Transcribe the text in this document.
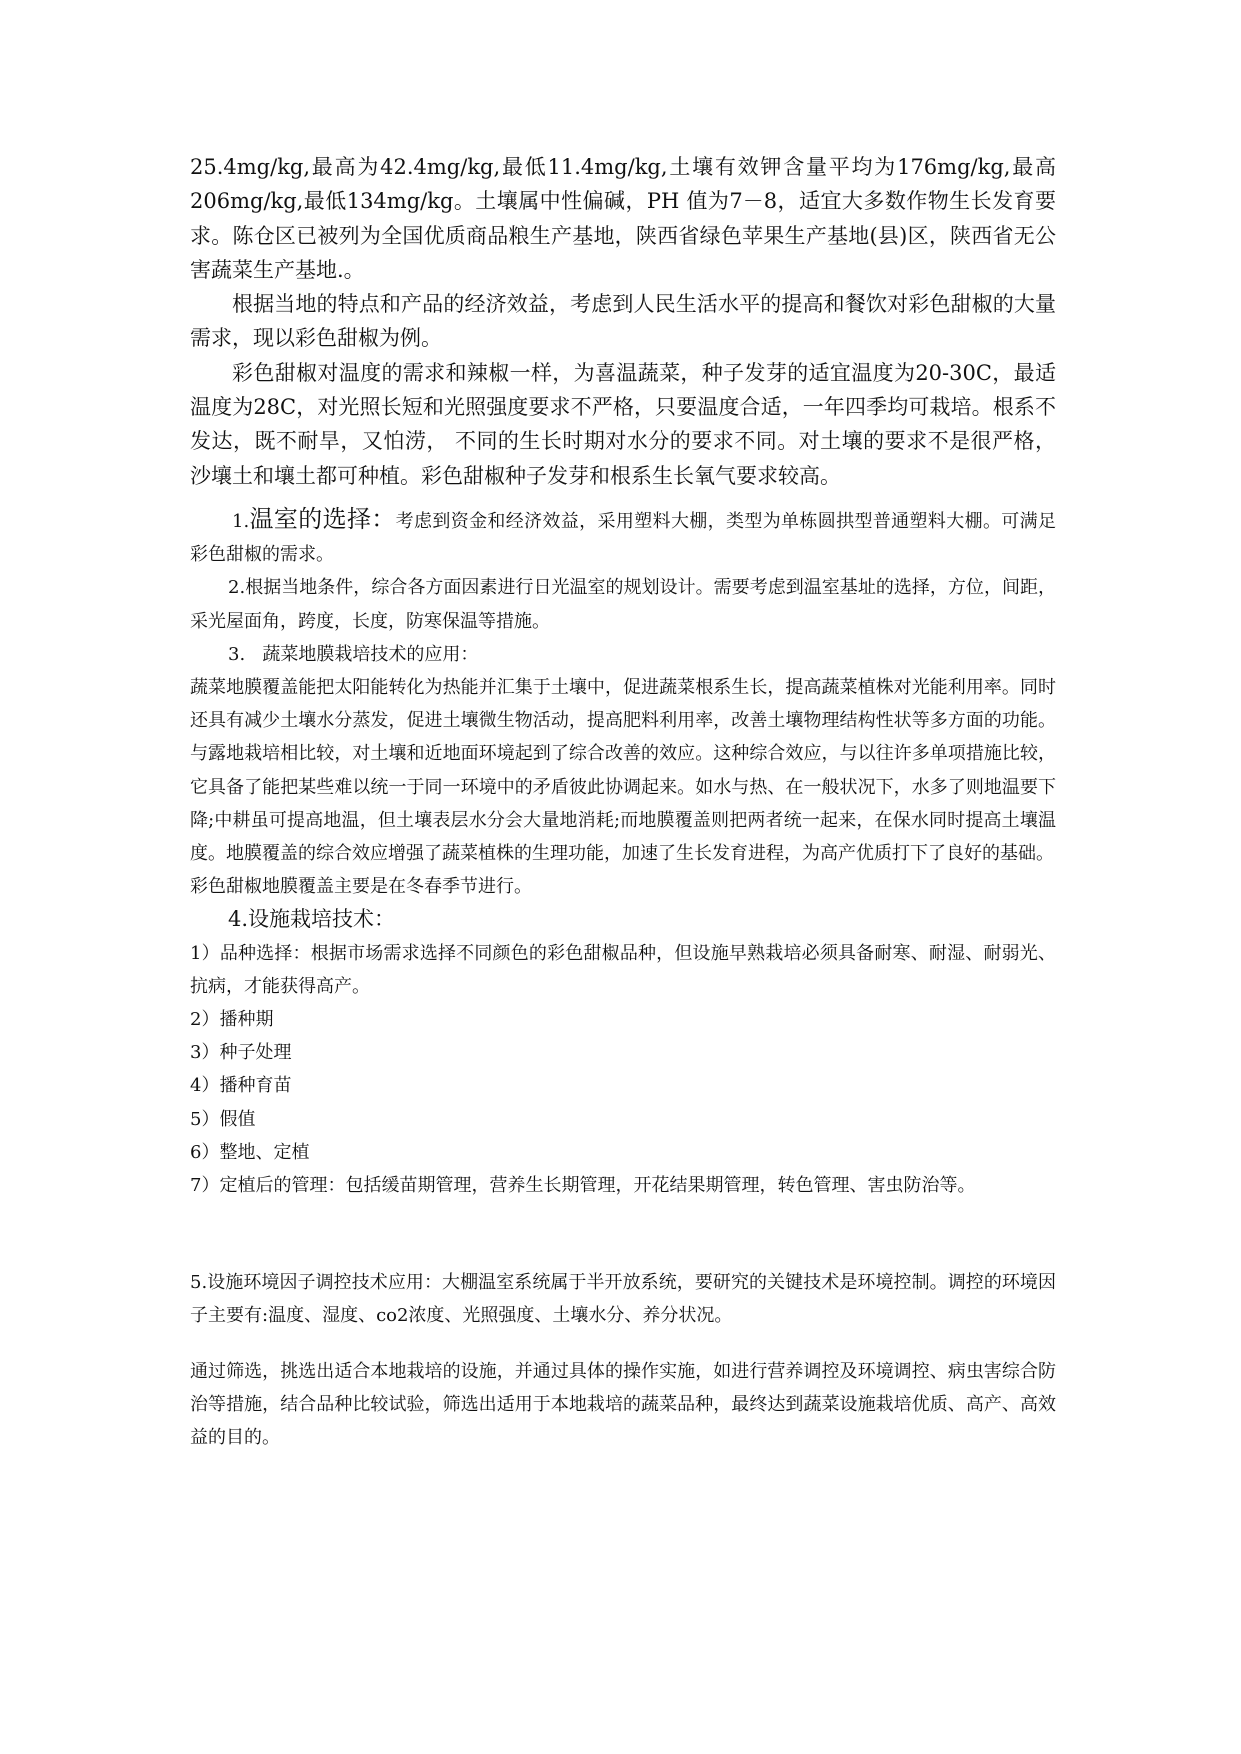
25.4mg/kg,最高为42.4mg/kg,最低11.4mg/kg,土壤有效钾含量平均为176mg/kg,最高206mg/kg,最低134mg/kg。土壤属中性偏碱，PH 值为7－8，适宜大多数作物生长发育要求。陈仓区已被列为全国优质商品粮生产基地，陕西省绿色苹果生产基地(县)区，陕西省无公害蔬菜生产基地.。

根据当地的特点和产品的经济效益，考虑到人民生活水平的提高和餐饮对彩色甜椒的大量需求，现以彩色甜椒为例。

彩色甜椒对温度的需求和辣椒一样，为喜温蔬菜，种子发芽的适宜温度为20-30C，最适温度为28C，对光照长短和光照强度要求不严格，只要温度合适，一年四季均可栽培。根系不发达，既不耐旱，又怕涝， 不同的生长时期对水分的要求不同。对土壤的要求不是很严格，沙壤土和壤土都可种植。彩色甜椒种子发芽和根系生长氧气要求较高。

1.温室的选择：考虑到资金和经济效益，采用塑料大棚，类型为单栋圆拱型普通塑料大棚。可满足彩色甜椒的需求。

2.根据当地条件，综合各方面因素进行日光温室的规划设计。需要考虑到温室基址的选择，方位，间距，采光屋面角，跨度，长度，防寒保温等措施。

3.   蔬菜地膜栽培技术的应用：

蔬菜地膜覆盖能把太阳能转化为热能并汇集于土壤中，促进蔬菜根系生长，提高蔬菜植株对光能利用率。同时还具有减少土壤水分蒸发，促进土壤微生物活动，提高肥料利用率，改善土壤物理结构性状等多方面的功能。与露地栽培相比较，对土壤和近地面环境起到了综合改善的效应。这种综合效应，与以往许多单项措施比较，它具备了能把某些难以统一于同一环境中的矛盾彼此协调起来。如水与热、在一般状况下，水多了则地温要下降;中耕虽可提高地温，但土壤表层水分会大量地消耗;而地膜覆盖则把两者统一起来，在保水同时提高土壤温度。地膜覆盖的综合效应增强了蔬菜植株的生理功能，加速了生长发育进程，为高产优质打下了良好的基础。

彩色甜椒地膜覆盖主要是在冬春季节进行。

4.设施栽培技术：

1）品种选择：根据市场需求选择不同颜色的彩色甜椒品种，但设施早熟栽培必须具备耐寒、耐湿、耐弱光、抗病，才能获得高产。

2）播种期

3）种子处理

4）播种育苗

5）假值

6）整地、定植

7）定植后的管理：包括缓苗期管理，营养生长期管理，开花结果期管理，转色管理、害虫防治等。

5.设施环境因子调控技术应用：大棚温室系统属于半开放系统，要研究的关键技术是环境控制。调控的环境因子主要有:温度、湿度、co2浓度、光照强度、土壤水分、养分状况。

通过筛选，挑选出适合本地栽培的设施，并通过具体的操作实施，如进行营养调控及环境调控、病虫害综合防治等措施，结合品种比较试验，筛选出适用于本地栽培的蔬菜品种，最终达到蔬菜设施栽培优质、高产、高效益的目的。
